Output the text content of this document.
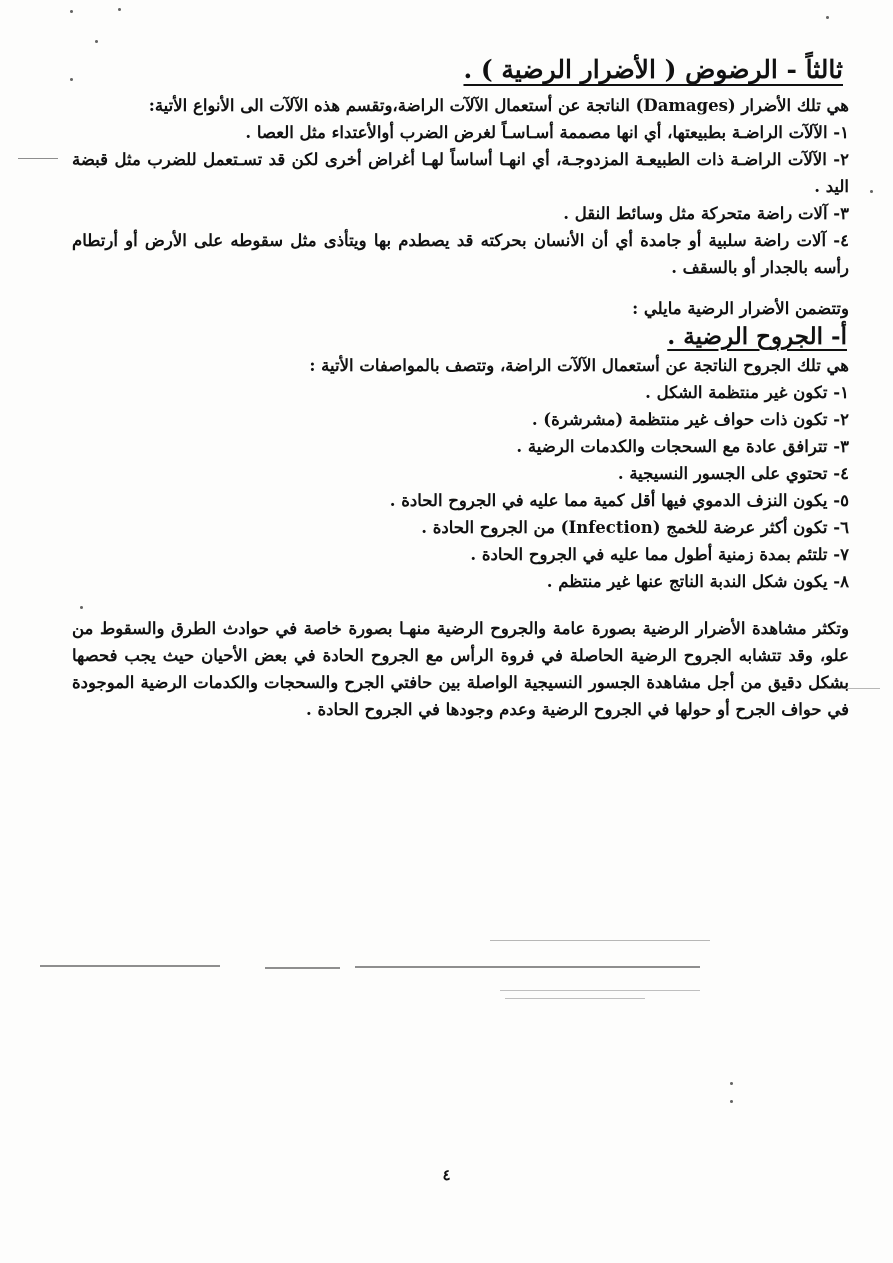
ثالثاً - الرضوض ( الأضرار الرضية ) .

هي تلك الأضرار (Damages) الناتجة عن أستعمال الآلآت الراضة،وتقسم هذه الآلآت الى الأنواع الأتية:

١- الآلآت الراضـة بطبيعتها، أي انها مصممة أسـاسـاً لغرض الضرب أوالأعتداء مثل العصا .
٢- الآلآت الراضـة ذات الطبيعـة المزدوجـة، أي انهـا أساساً لهـا أغراض أخرى لكن قد تسـتعمل للضرب مثل قبضة اليد .
٣- آلات راضة متحركة مثل وسائط النقل .
٤- آلات راضة سلبية أو جامدة أي أن الأنسان بحركته قد يصطدم بها ويتأذى مثل سقوطه على الأرض أو أرتطام رأسه بالجدار أو بالسقف .

وتتضمن الأضرار الرضية مايلي :

أ- الجروح الرضية .

هي تلك الجروح الناتجة عن أستعمال الآلآت الراضة، وتتصف بالمواصفات الأتية :

١- تكون غير منتظمة الشكل .
٢- تكون ذات حواف غير منتظمة (مشرشرة) .
٣- تترافق عادة مع السحجات والكدمات الرضية .
٤- تحتوي على الجسور النسيجية .
٥- يكون النزف الدموي فيها أقل كمية مما عليه في الجروح الحادة .
٦- تكون أكثر عرضة للخمج (Infection) من الجروح الحادة .
٧- تلتئم بمدة زمنية أطول مما عليه في الجروح الحادة .
٨- يكون شكل الندبة الناتج عنها غير منتظم .

وتكثر مشاهدة الأضرار الرضية بصورة عامة والجروح الرضية منهـا بصورة خاصة في حوادث الطرق والسقوط من علو، وقد تتشابه الجروح الرضية الحاصلة في فروة الرأس مع الجروح الحادة في بعض الأحيان حيث يجب فحصها بشكل دقيق من أجل مشاهدة الجسور النسيجية الواصلة بين حافتي الجرح والسحجات والكدمات الرضية الموجودة في حواف الجرح أو حولها في الجروح الرضية وعدم وجودها في الجروح الحادة .

٤
